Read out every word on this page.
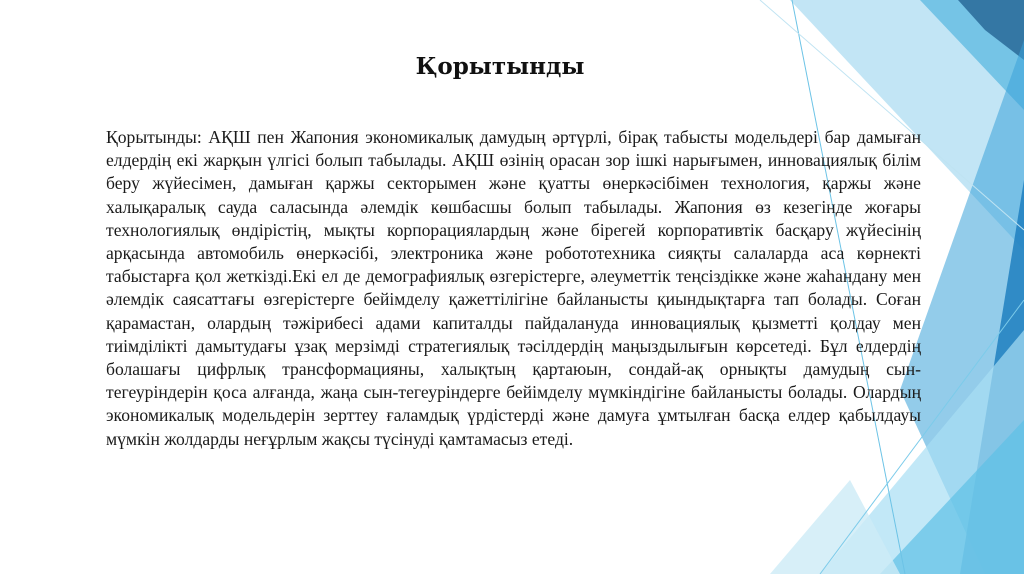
Қорытынды

Қорытынды: АҚШ пен Жапония экономикалық дамудың әртүрлі, бірақ табысты модельдері бар дамыған елдердің екі жарқын үлгісі болып табылады. АҚШ өзінің орасан зор ішкі нарығымен, инновациялық білім беру жүйесімен, дамыған қаржы секторымен және қуатты өнеркәсібімен технология, қаржы және халықаралық сауда саласында әлемдік көшбасшы болып табылады. Жапония өз кезегінде жоғары технологиялық өндірістің, мықты корпорациялардың және бірегей корпоративтік басқару жүйесінің арқасында автомобиль өнеркәсібі, электроника және робототехника сияқты салаларда аса көрнекті табыстарға қол жеткізді.Екі ел де демографиялық өзгерістерге, әлеуметтік теңсіздікке және жаһандану мен әлемдік саясаттағы өзгерістерге бейімделу қажеттілігіне байланысты қиындықтарға тап болады. Соған қарамастан, олардың тәжірибесі адами капиталды пайдалануда инновациялық қызметті қолдау мен тиімділікті дамытудағы ұзақ мерзімді стратегиялық тәсілдердің маңыздылығын көрсетеді. Бұл елдердің болашағы цифрлық трансформацияны, халықтың қартаюын, сондай-ақ орнықты дамудың сын-тегеуріндерін қоса алғанда, жаңа сын-тегеуріндерге бейімделу мүмкіндігіне байланысты болады. Олардың экономикалық модельдерін зерттеу ғаламдық үрдістерді және дамуға ұмтылған басқа елдер қабылдауы мүмкін жолдарды неғұрлым жақсы түсінуді қамтамасыз етеді.
